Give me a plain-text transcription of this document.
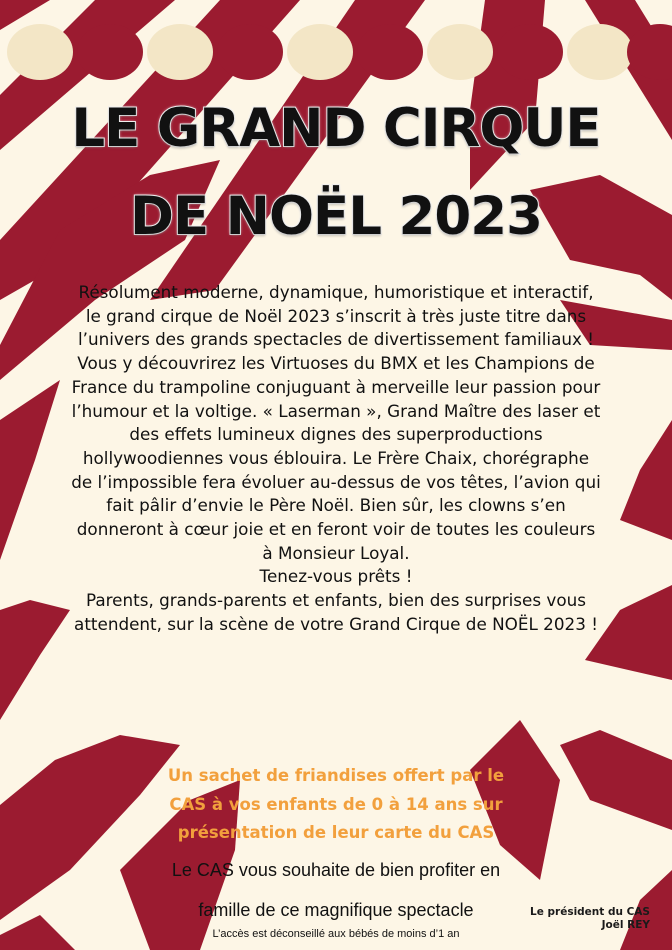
LE GRAND CIRQUE
DE NOËL 2023

Résolument moderne, dynamique, humoristique et interactif, le grand cirque de Noël 2023 s’inscrit à très juste titre dans l’univers des grands spectacles de divertissement familiaux !

Vous y découvrirez les Virtuoses du BMX et les Champions de France du trampoline conjuguant à merveille leur passion pour l’humour et la voltige. « Laserman », Grand Maître des laser et des effets lumineux dignes des superproductions hollywoodiennes vous éblouira. Le Frère Chaix, chorégraphe de l’impossible fera évoluer au-dessus de vos têtes, l’avion qui fait pâlir d’envie le Père Noël. Bien sûr, les clowns s’en donneront à cœur joie et en feront voir de toutes les couleurs à Monsieur Loyal.

Tenez-vous prêts !

Parents, grands-parents et enfants, bien des surprises vous attendent, sur la scène de votre Grand Cirque de NOËL 2023 !

Un sachet de friandises offert par le

CAS à vos enfants de 0 à 14 ans sur

présentation de leur carte du CAS

Le CAS vous souhaite de bien profiter en
famille de ce magnifique spectacle
L’accès est déconseillé aux bébés de moins d’1 an
Le président du CAS
Joël REY
